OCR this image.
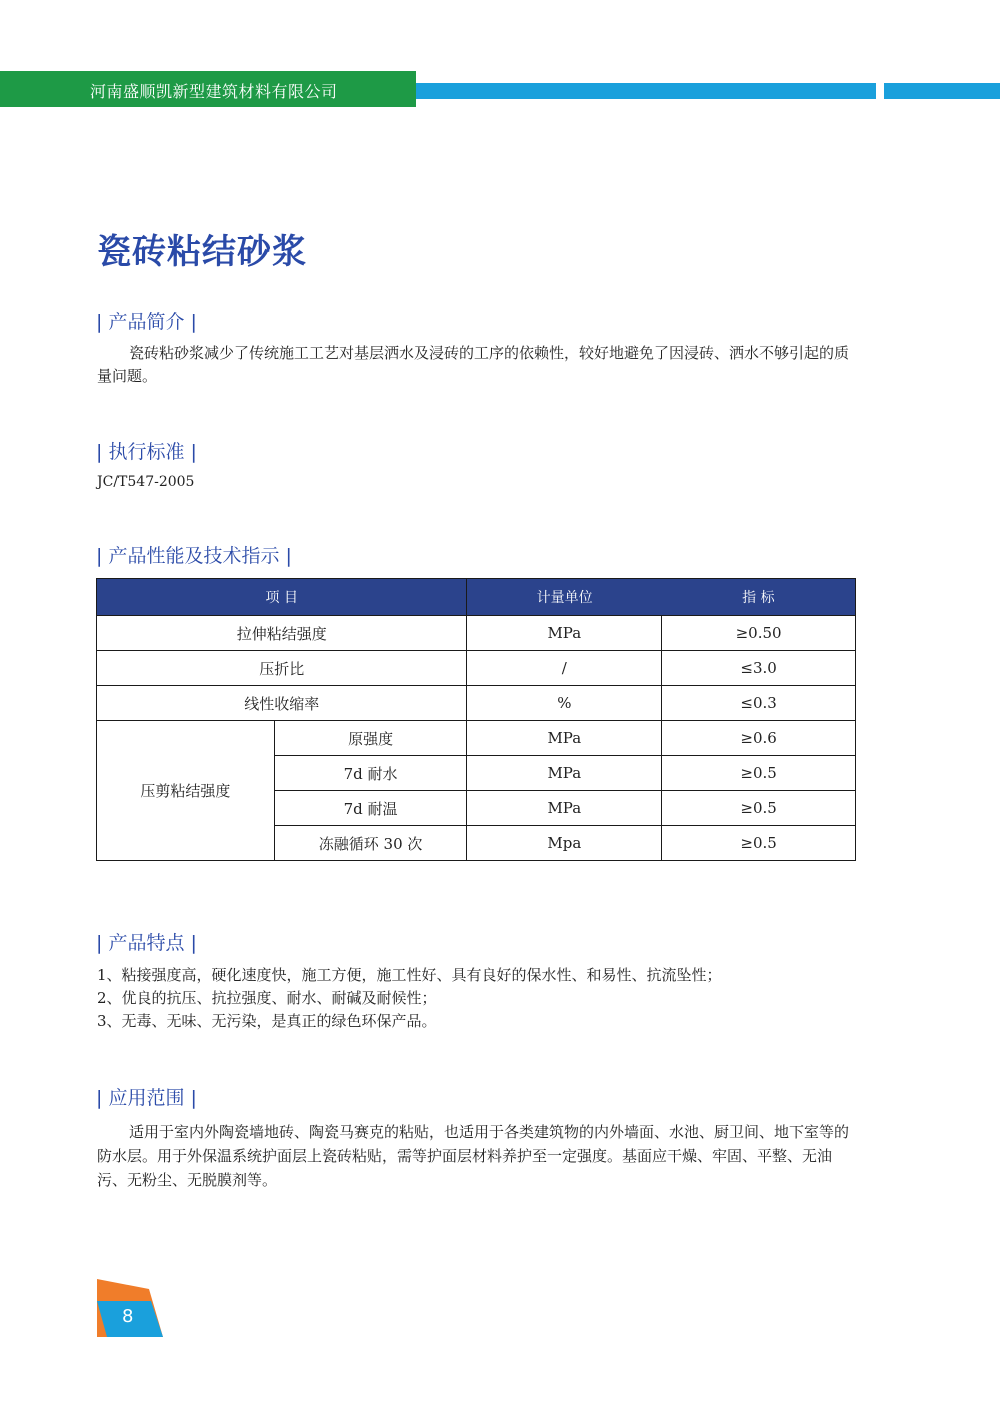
河南盛顺凯新型建筑材料有限公司
瓷砖粘结砂浆
| 产品简介 |
瓷砖粘砂浆减少了传统施工工艺对基层洒水及浸砖的工序的依赖性，较好地避免了因浸砖、洒水不够引起的质量问题。
| 执行标准 |
JC/T547-2005
| 产品性能及技术指示 |
项 目		计量单位	指 标
拉伸粘结强度		MPa	≥0.50
压折比		/	≤3.0
线性收缩率		%	≤0.3
压剪粘结强度	原强度	MPa	≥0.6
	7d 耐水	MPa	≥0.5
	7d 耐温	MPa	≥0.5
	冻融循环 30 次	Mpa	≥0.5
| 产品特点 |
1、粘接强度高，硬化速度快，施工方便，施工性好、具有良好的保水性、和易性、抗流坠性；
2、优良的抗压、抗拉强度、耐水、耐碱及耐候性；
3、无毒、无味、无污染，是真正的绿色环保产品。
| 应用范围 |
适用于室内外陶瓷墙地砖、陶瓷马赛克的粘贴，也适用于各类建筑物的内外墙面、水池、厨卫间、地下室等的防水层。用于外保温系统护面层上瓷砖粘贴，需等护面层材料养护至一定强度。基面应干燥、牢固、平整、无油污、无粉尘、无脱膜剂等。
8
